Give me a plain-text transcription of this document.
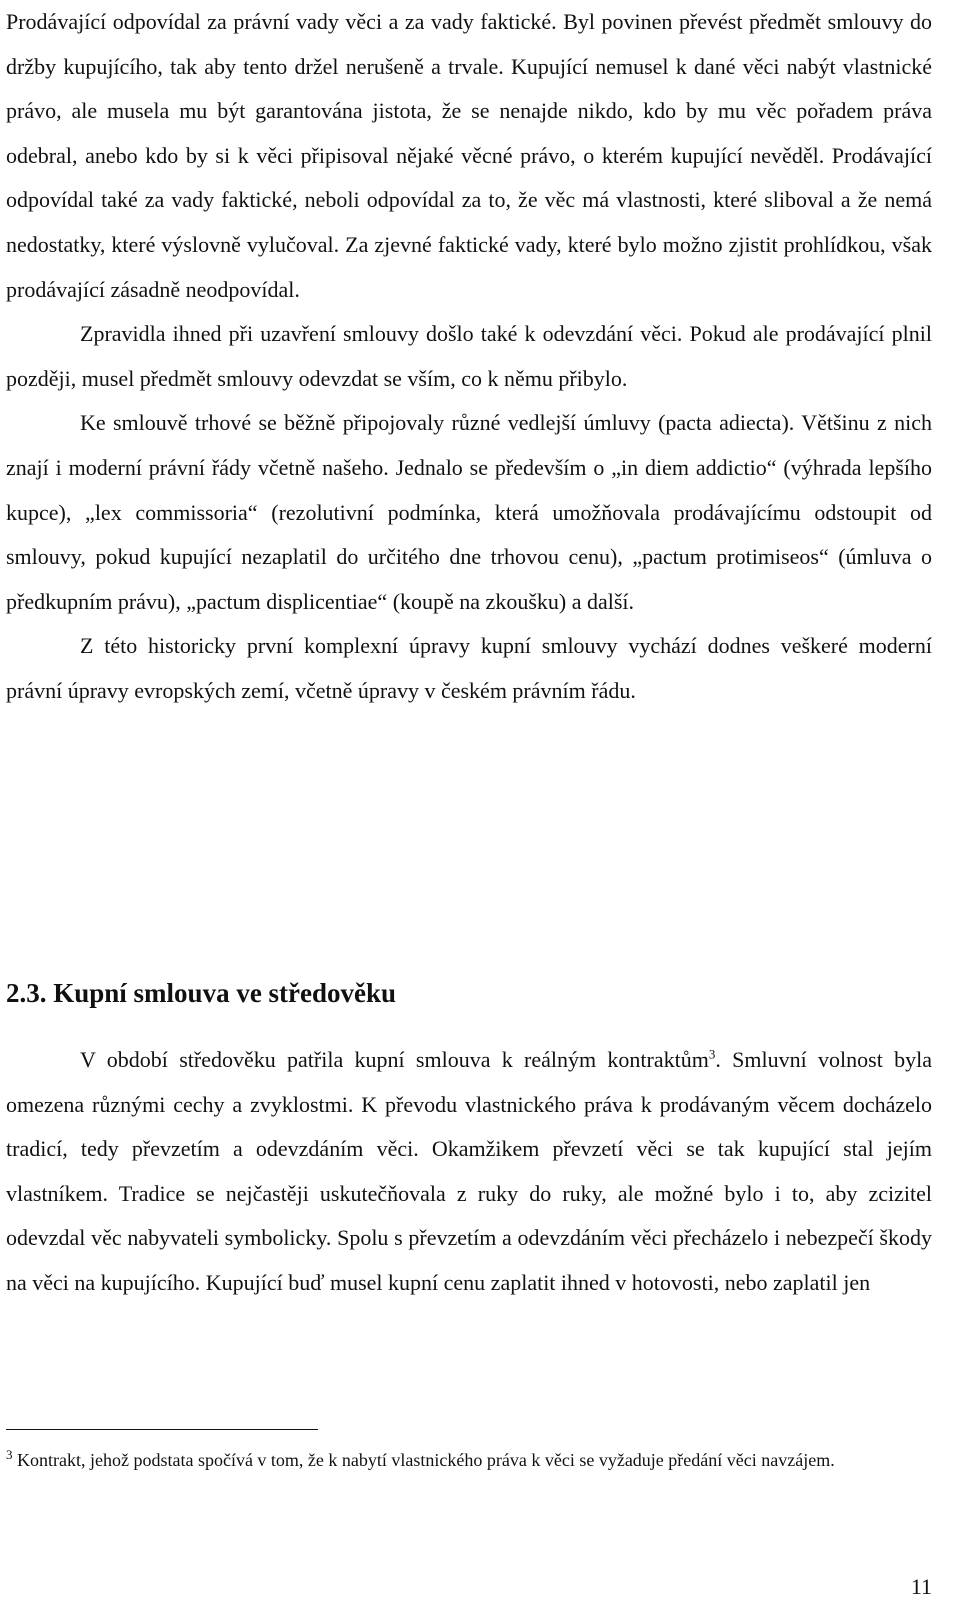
Prodávající odpovídal za právní vady věci a za vady faktické. Byl povinen převést předmět smlouvy do držby kupujícího, tak aby tento držel nerušeně a trvale. Kupující nemusel k dané věci nabýt vlastnické právo, ale musela mu být garantována jistota, že se nenajde nikdo, kdo by mu věc pořadem práva odebral, anebo kdo by si k věci připisoval nějaké věcné právo, o kterém kupující nevěděl. Prodávající odpovídal také za vady faktické, neboli odpovídal za to, že věc má vlastnosti, které sliboval a že nemá nedostatky, které výslovně vylučoval. Za zjevné faktické vady, které bylo možno zjistit prohlídkou, však prodávající zásadně neodpovídal.

Zpravidla ihned při uzavření smlouvy došlo také k odevzdání věci. Pokud ale prodávající plnil později, musel předmět smlouvy odevzdat se vším, co k němu přibylo.

Ke smlouvě trhové se běžně připojovaly různé vedlejší úmluvy (pacta adiecta). Většinu z nich znají i moderní právní řády včetně našeho. Jednalo se především o „in diem addictio“ (výhrada lepšího kupce), „lex commissoria“ (rezolutivní podmínka, která umožňovala prodávajícímu odstoupit od smlouvy, pokud kupující nezaplatil do určitého dne trhovou cenu), „pactum protimiseos“ (úmluva o předkupním právu), „pactum displicentiae“ (koupě na zkoušku) a další.

Z této historicky první komplexní úpravy kupní smlouvy vychází dodnes veškeré moderní právní úpravy evropských zemí, včetně úpravy v českém právním řádu.

2.3. Kupní smlouva ve středověku

V období středověku patřila kupní smlouva k reálným kontraktům$^3$. Smluvní volnost byla omezena různými cechy a zvyklostmi. K převodu vlastnického práva k prodávaným věcem docházelo tradicí, tedy převzetím a odevzdáním věci. Okamžikem převzetí věci se tak kupující stal jejím vlastníkem. Tradice se nejčastěji uskutečňovala z ruky do ruky, ale možné bylo i to, aby zcizitel odevzdal věc nabyvateli symbolicky. Spolu s převzetím a odevzdáním věci přecházelo i nebezpečí škody na věci na kupujícího. Kupující buď musel kupní cenu zaplatit ihned v hotovosti, nebo zaplatil jen

$^3$ Kontrakt, jehož podstata spočívá v tom, že k nabytí vlastnického práva k věci se vyžaduje předání věci navzájem.

11
